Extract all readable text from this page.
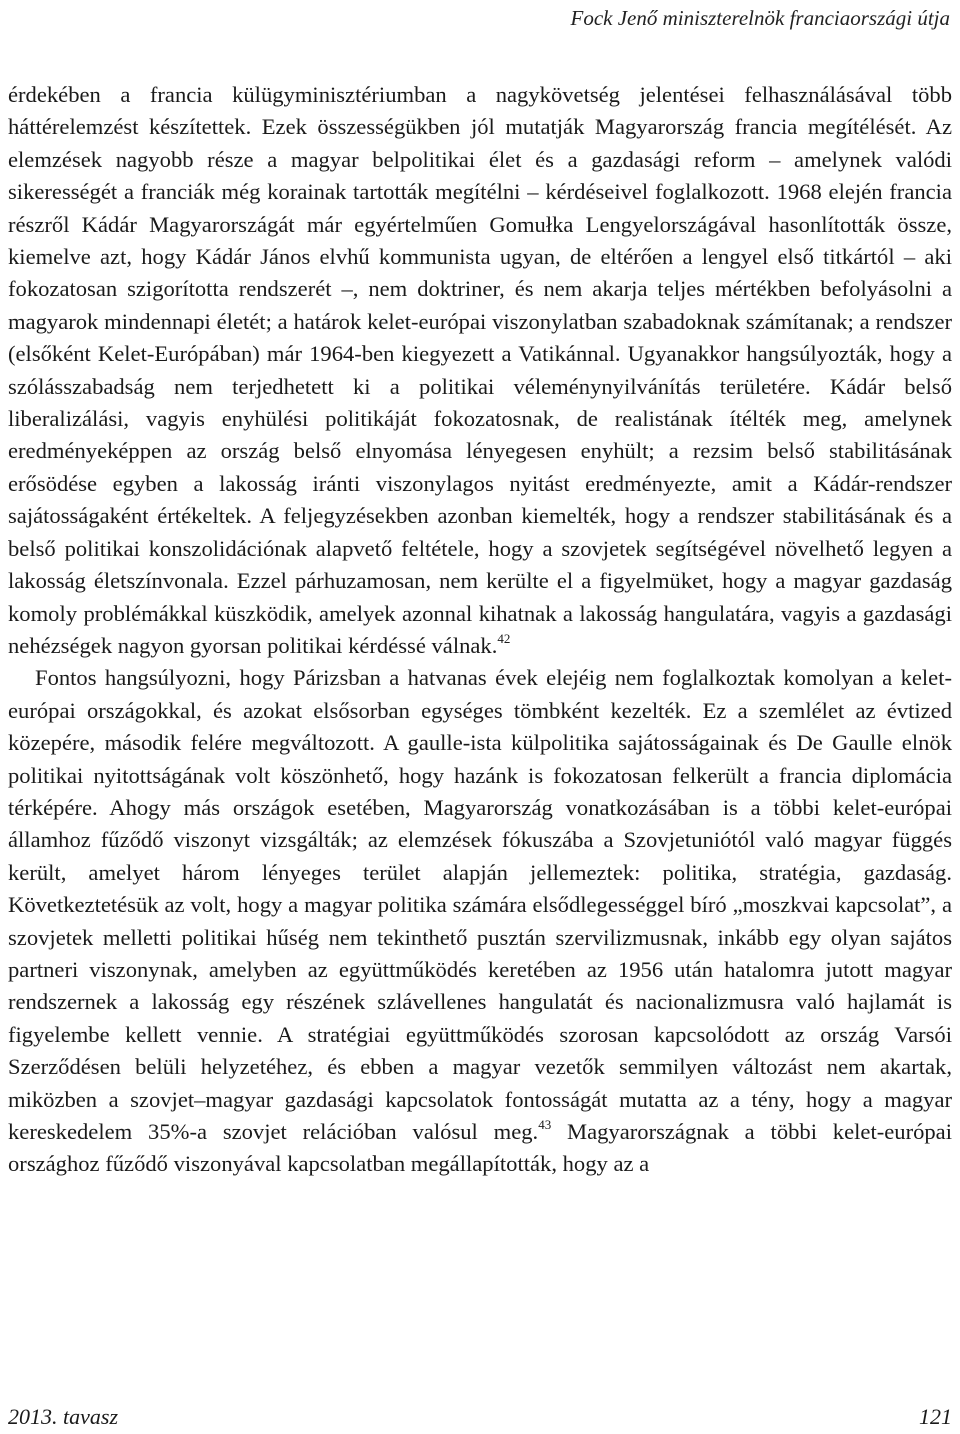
Fock Jenő miniszterelnök franciaországi útja

érdekében a francia külügyminisztériumban a nagykövetség jelentései felhasználásával több háttérelemzést készítettek. Ezek összességükben jól mutatják Magyarország francia megítélését. Az elemzések nagyobb része a magyar belpolitikai élet és a gazdasági reform – amelynek valódi sikerességét a franciák még korainak tartották megítélni – kérdéseivel foglalkozott. 1968 elején francia részről Kádár Magyarországát már egyértelműen Gomułka Lengyelországával hasonlították össze, kiemelve azt, hogy Kádár János elvhű kommunista ugyan, de eltérően a lengyel első titkártól – aki fokozatosan szigorította rendszerét –, nem doktriner, és nem akarja teljes mértékben befolyásolni a magyarok mindennapi életét; a határok kelet-európai viszonylatban szabadoknak számítanak; a rendszer (elsőként Kelet-Európában) már 1964-ben kiegyezett a Vatikánnal. Ugyanakkor hangsúlyozták, hogy a szólásszabadság nem terjedhetett ki a politikai véleménynyilvánítás területére. Kádár belső liberalizálási, vagyis enyhülési politikáját fokozatosnak, de realistának ítélték meg, amelynek eredményeképpen az ország belső elnyomása lényegesen enyhült; a rezsim belső stabilitásának erősödése egyben a lakosság iránti viszonylagos nyitást eredményezte, amit a Kádár-rendszer sajátosságaként értékeltek. A feljegyzésekben azonban kiemelték, hogy a rendszer stabilitásának és a belső politikai konszolidációnak alapvető feltétele, hogy a szovjetek segítségével növelhető legyen a lakosság életszínvonala. Ezzel párhuzamosan, nem kerülte el a figyelmüket, hogy a magyar gazdaság komoly problémákkal küszködik, amelyek azonnal kihatnak a lakosság hangulatára, vagyis a gazdasági nehézségek nagyon gyorsan politikai kérdéssé válnak.$^{42}$

Fontos hangsúlyozni, hogy Párizsban a hatvanas évek elejéig nem foglalkoztak komolyan a kelet-európai országokkal, és azokat elsősorban egységes tömbként kezelték. Ez a szemlélet az évtized közepére, második felére megváltozott. A gaulle-ista külpolitika sajátosságainak és De Gaulle elnök politikai nyitottságának volt köszönhető, hogy hazánk is fokozatosan felkerült a francia diplomácia térképére. Ahogy más országok esetében, Magyarország vonatkozásában is a többi kelet-európai államhoz fűződő viszonyt vizsgálták; az elemzések fókuszába a Szovjetuniótól való magyar függés került, amelyet három lényeges terület alapján jellemeztek: politika, stratégia, gazdaság. Következtetésük az volt, hogy a magyar politika számára elsődlegességgel bíró „moszkvai kapcsolat”, a szovjetek melletti politikai hűség nem tekinthető pusztán szervilizmusnak, inkább egy olyan sajátos partneri viszonynak, amelyben az együttműködés keretében az 1956 után hatalomra jutott magyar rendszernek a lakosság egy részének szlávellenes hangulatát és nacionalizmusra való hajlamát is figyelembe kellett vennie. A stratégiai együttműködés szorosan kapcsolódott az ország Varsói Szerződésen belüli helyzetéhez, és ebben a magyar vezetők semmilyen változást nem akartak, miközben a szovjet–magyar gazdasági kapcsolatok fontosságát mutatta az a tény, hogy a magyar kereskedelem 35%-a szovjet relációban valósul meg.$^{43}$ Magyarországnak a többi kelet-európai országhoz fűződő viszonyával kapcsolatban megállapították, hogy az a

2013. tavasz	121
